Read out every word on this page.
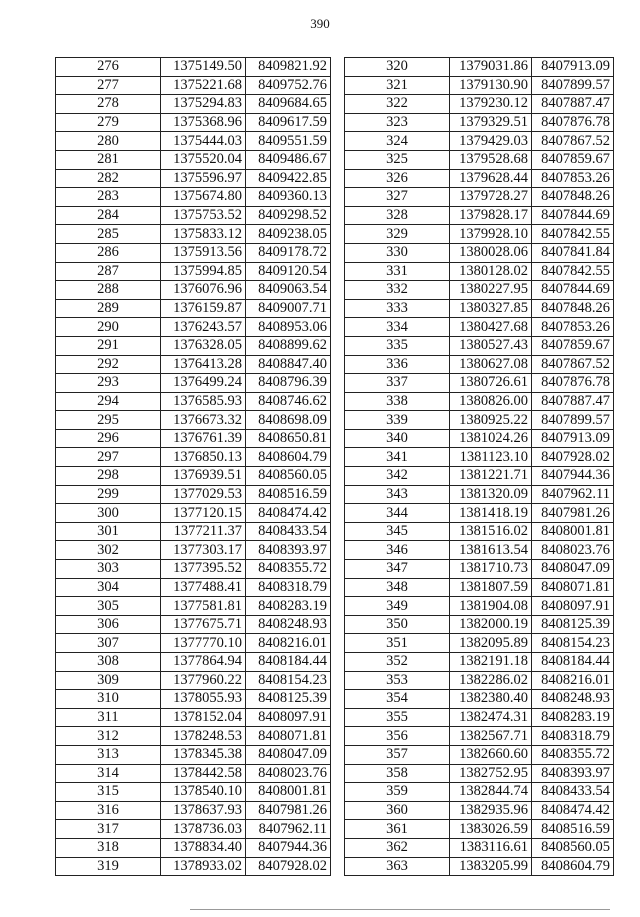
390
276	1375149.50	8409821.92
277	1375221.68	8409752.76
278	1375294.83	8409684.65
279	1375368.96	8409617.59
280	1375444.03	8409551.59
281	1375520.04	8409486.67
282	1375596.97	8409422.85
283	1375674.80	8409360.13
284	1375753.52	8409298.52
285	1375833.12	8409238.05
286	1375913.56	8409178.72
287	1375994.85	8409120.54
288	1376076.96	8409063.54
289	1376159.87	8409007.71
290	1376243.57	8408953.06
291	1376328.05	8408899.62
292	1376413.28	8408847.40
293	1376499.24	8408796.39
294	1376585.93	8408746.62
295	1376673.32	8408698.09
296	1376761.39	8408650.81
297	1376850.13	8408604.79
298	1376939.51	8408560.05
299	1377029.53	8408516.59
300	1377120.15	8408474.42
301	1377211.37	8408433.54
302	1377303.17	8408393.97
303	1377395.52	8408355.72
304	1377488.41	8408318.79
305	1377581.81	8408283.19
306	1377675.71	8408248.93
307	1377770.10	8408216.01
308	1377864.94	8408184.44
309	1377960.22	8408154.23
310	1378055.93	8408125.39
311	1378152.04	8408097.91
312	1378248.53	8408071.81
313	1378345.38	8408047.09
314	1378442.58	8408023.76
315	1378540.10	8408001.81
316	1378637.93	8407981.26
317	1378736.03	8407962.11
318	1378834.40	8407944.36
319	1378933.02	8407928.02
320	1379031.86	8407913.09
321	1379130.90	8407899.57
322	1379230.12	8407887.47
323	1379329.51	8407876.78
324	1379429.03	8407867.52
325	1379528.68	8407859.67
326	1379628.44	8407853.26
327	1379728.27	8407848.26
328	1379828.17	8407844.69
329	1379928.10	8407842.55
330	1380028.06	8407841.84
331	1380128.02	8407842.55
332	1380227.95	8407844.69
333	1380327.85	8407848.26
334	1380427.68	8407853.26
335	1380527.43	8407859.67
336	1380627.08	8407867.52
337	1380726.61	8407876.78
338	1380826.00	8407887.47
339	1380925.22	8407899.57
340	1381024.26	8407913.09
341	1381123.10	8407928.02
342	1381221.71	8407944.36
343	1381320.09	8407962.11
344	1381418.19	8407981.26
345	1381516.02	8408001.81
346	1381613.54	8408023.76
347	1381710.73	8408047.09
348	1381807.59	8408071.81
349	1381904.08	8408097.91
350	1382000.19	8408125.39
351	1382095.89	8408154.23
352	1382191.18	8408184.44
353	1382286.02	8408216.01
354	1382380.40	8408248.93
355	1382474.31	8408283.19
356	1382567.71	8408318.79
357	1382660.60	8408355.72
358	1382752.95	8408393.97
359	1382844.74	8408433.54
360	1382935.96	8408474.42
361	1383026.59	8408516.59
362	1383116.61	8408560.05
363	1383205.99	8408604.79
